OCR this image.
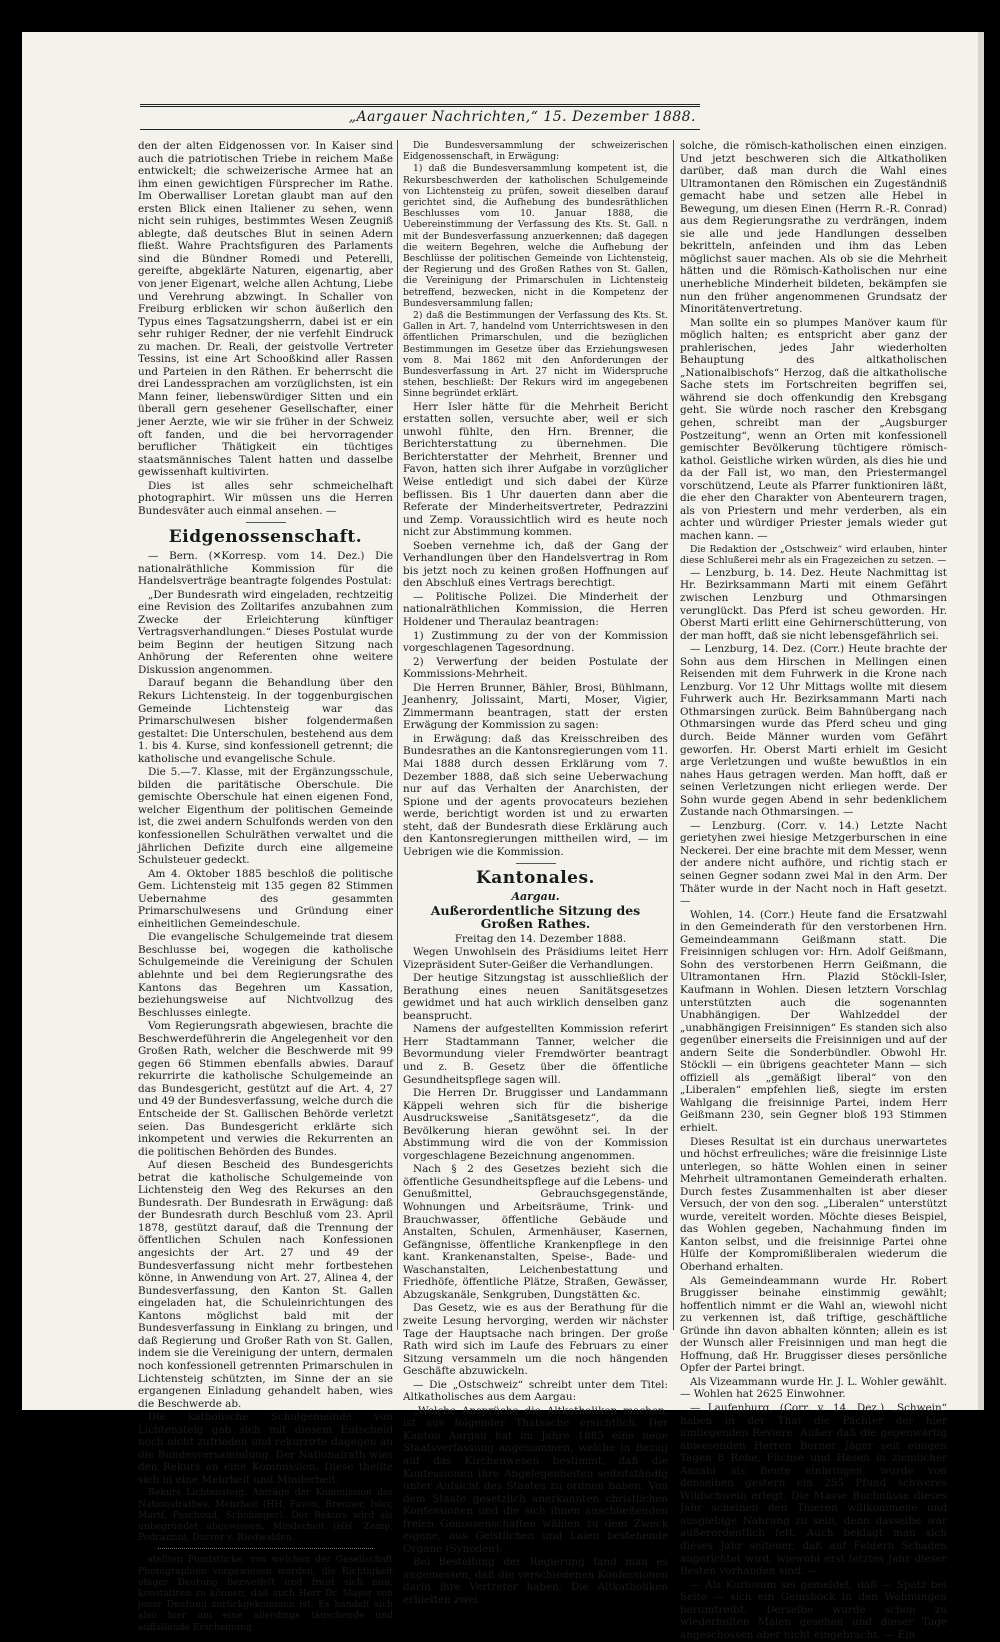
„Aargauer Nachrichten,“ 15. Dezember 1888.

den der alten Eidgenossen vor. In Kaiser sind auch die patriotischen Triebe in reichem Maße entwickelt; die schweizerische Armee hat an ihm einen gewichtigen Fürsprecher im Rathe. Im Oberwalliser Loretan glaubt man auf den ersten Blick einen Italiener zu sehen, wenn nicht sein ruhiges, bestimmtes Wesen Zeugniß ablegte, daß deutsches Blut in seinen Adern fließt. Wahre Prachtsfiguren des Parlaments sind die Bündner Romedi und Peterelli, gereifte, abgeklärte Naturen, eigenartig, aber von jener Eigenart, welche allen Achtung, Liebe und Verehrung abzwingt. In Schaller von Freiburg erblicken wir schon äußerlich den Typus eines Tagsatzungsherrn, dabei ist er ein sehr ruhiger Redner, der nie verfehlt Eindruck zu machen. Dr. Reali, der geistvolle Vertreter Tessins, ist eine Art Schooßkind aller Rassen und Parteien in den Räthen. Er beherrscht die drei Landessprachen am vorzüglichsten, ist ein Mann feiner, liebenswürdiger Sitten und ein überall gern gesehener Gesellschafter, einer jener Aerzte, wie wir sie früher in der Schweiz oft fanden, und die bei hervorragender beruflicher Thätigkeit ein tüchtiges staatsmännisches Talent hatten und dasselbe gewissenhaft kultivirten.

Dies ist alles sehr schmeichelhaft photographirt. Wir müssen uns die Herren Bundesväter auch einmal ansehen. —

Eidgenossenschaft.

— Bern. (✕Korresp. vom 14. Dez.) Die nationalräthliche Kommission für die Handelsverträge beantragte folgendes Postulat:

„Der Bundesrath wird eingeladen, rechtzeitig eine Revision des Zolltarifes anzubahnen zum Zwecke der Erleichterung künftiger Vertragsverhandlungen.“ Dieses Postulat wurde beim Beginn der heutigen Sitzung nach Anhörung der Referenten ohne weitere Diskussion angenommen.

Darauf begann die Behandlung über den Rekurs Lichtensteig. In der toggenburgischen Gemeinde Lichtensteig war das Primarschulwesen bisher folgendermaßen gestaltet: Die Unterschulen, bestehend aus dem 1. bis 4. Kurse, sind konfessionell getrennt; die katholische und evangelische Schule.

Die 5.—7. Klasse, mit der Ergänzungsschule, bilden die paritätische Oberschule. Die gemischte Oberschule hat einen eigenen Fond, welcher Eigenthum der politischen Gemeinde ist, die zwei andern Schulfonds werden von den konfessionellen Schulräthen verwaltet und die jährlichen Defizite durch eine allgemeine Schulsteuer gedeckt.

Am 4. Oktober 1885 beschloß die politische Gem. Lichtensteig mit 135 gegen 82 Stimmen Uebernahme des gesammten Primarschulwesens und Gründung einer einheitlichen Gemeindeschule.

Die evangelische Schulgemeinde trat diesem Beschlusse bei, wogegen die katholische Schulgemeinde die Vereinigung der Schulen ablehnte und bei dem Regierungsrathe des Kantons das Begehren um Kassation, beziehungsweise auf Nichtvollzug des Beschlusses einlegte.

Vom Regierungsrath abgewiesen, brachte die Beschwerdeführerin die Angelegenheit vor den Großen Rath, welcher die Beschwerde mit 99 gegen 66 Stimmen ebenfalls abwies. Darauf rekurrirte die katholische Schulgemeinde an das Bundesgericht, gestützt auf die Art. 4, 27 und 49 der Bundesverfassung, welche durch die Entscheide der St. Gallischen Behörde verletzt seien. Das Bundesgericht erklärte sich inkompetent und verwies die Rekurrenten an die politischen Behörden des Bundes.

Auf diesen Bescheid des Bundesgerichts betrat die katholische Schulgemeinde von Lichtensteig den Weg des Rekurses an den Bundesrath. Der Bundesrath in Erwägung: daß der Bundesrath durch Beschluß vom 23. April 1878, gestützt darauf, daß die Trennung der öffentlichen Schulen nach Konfessionen angesichts der Art. 27 und 49 der Bundesverfassung nicht mehr fortbestehen könne, in Anwendung von Art. 27, Alinea 4, der Bundesverfassung, den Kanton St. Gallen eingeladen hat, die Schuleinrichtungen des Kantons möglichst bald mit der Bundesverfassung in Einklang zu bringen, und daß Regierung und Großer Rath von St. Gallen, indem sie die Vereinigung der untern, dermalen noch konfessionell getrennten Primarschulen in Lichtensteig schützten, im Sinne der an sie ergangenen Einladung gehandelt haben, wies die Beschwerde ab.

Die katholische Schulgemeinde von Lichtensteig gab sich mit diesem Entscheid noch nicht zufrieden und rekurrirte dagegen an die Bundesversammlung. Der Nationalrath wies den Rekurs an eine Kommission. Diese theilte sich in eine Mehrheit und Minderheit.

Rekurs Lichtensteig. Anträge der Kommission des Nationalrathes. Mehrheit (HH. Favon, Brenner, Isler, Marti, Paschoud, Schobinger). Der Rekurs wird als unbegründet abgewiesen. Minderheit (HH. Zemp, Pedrazzini, Durrer v. Riedwalden.

stellten Fundstücke, von welchen der Gesellschaft Photographien vorgewiesen wurden, die Richtigkeit obiger Deutung bezweifelt und frent sich nun, konstatiren zu können, daß auch Herr Dr. Mayer von jener Deutung zurückgekommen ist. Es handelt sich also hier um eine allerdings täuschende und auffallende Erscheinung.

Die Bundesversammlung der schweizerischen Eidgenossenschaft, in Erwägung:

1) daß die Bundesversammlung kompetent ist, die Rekursbeschwerden der katholischen Schulgemeinde von Lichtensteig zu prüfen, soweit dieselben darauf gerichtet sind, die Aufhebung des bundesräthlichen Beschlusses vom 10. Januar 1888, die Uebereinstimmung der Verfassung des Kts. St. Gall. n mit der Bundesverfassung anzuerkennen; daß dagegen die weitern Begehren, welche die Aufhebung der Beschlüsse der politischen Gemeinde von Lichtensteig, der Regierung und des Großen Rathes von St. Gallen, die Vereinigung der Primarschulen in Lichtensteig betreffend, bezwecken, nicht in die Kompetenz der Bundesversammlung fallen;

2) daß die Bestimmungen der Verfassung des Kts. St. Gallen in Art. 7, handelnd vom Unterrichtswesen in den öffentlichen Primarschulen, und die bezüglichen Bestimmungen im Gesetze über das Erziehungswesen vom 8. Mai 1862 mit den Anforderungen der Bundesverfassung in Art. 27 nicht im Widerspruche stehen, beschließt: Der Rekurs wird im angegebenen Sinne begründet erklärt.

Herr Isler hätte für die Mehrheit Bericht erstatten sollen, versuchte aber, weil er sich unwohl fühlte, den Hrn. Brenner, die Berichterstattung zu übernehmen. Die Berichterstatter der Mehrheit, Brenner und Favon, hatten sich ihrer Aufgabe in vorzüglicher Weise entledigt und sich dabei der Kürze beflissen. Bis 1 Uhr dauerten dann aber die Referate der Minderheitsvertreter, Pedrazzini und Zemp. Voraussichtlich wird es heute noch nicht zur Abstimmung kommen.

Soeben vernehme ich, daß der Gang der Verhandlungen über den Handelsvertrag in Rom bis jetzt noch zu keinen großen Hoffnungen auf den Abschluß eines Vertrags berechtigt.

— Politische Polizei. Die Minderheit der nationalräthlichen Kommission, die Herren Holdener und Theraulaz beantragen:

1) Zustimmung zu der von der Kommission vorgeschlagenen Tagesordnung.

2) Verwerfung der beiden Postulate der Kommissions-Mehrheit.

Die Herren Brunner, Bähler, Brosi, Bühlmann, Jeanhenry, Jolissaint, Marti, Moser, Vigier, Zimmermann beantragen, statt der ersten Erwägung der Kommission zu sagen:

in Erwägung: daß das Kreisschreiben des Bundesrathes an die Kantonsregierungen vom 11. Mai 1888 durch dessen Erklärung vom 7. Dezember 1888, daß sich seine Ueberwachung nur auf das Verhalten der Anarchisten, der Spione und der agents provocateurs beziehen werde, berichtigt worden ist und zu erwarten steht, daß der Bundesrath diese Erklärung auch den Kantonsregierungen mittheilen wird, — im Uebrigen wie die Kommission.

Kantonales.
Aargau.
Außerordentliche Sitzung des Großen Rathes.

Freitag den 14. Dezember 1888.

Wegen Unwohlsein des Präsidiums leitet Herr Vizepräsident Suter-Geißer die Verhandlungen.

Der heutige Sitzungstag ist ausschließlich der Berathung eines neuen Sanitätsgesetzes gewidmet und hat auch wirklich denselben ganz beansprucht.

Namens der aufgestellten Kommission referirt Herr Stadtammann Tanner, welcher die Bevormundung vieler Fremdwörter beantragt und z. B. Gesetz über die öffentliche Gesundheitspflege sagen will.

Die Herren Dr. Bruggisser und Landammann Käppeli wehren sich für die bisherige Ausdrucksweise „Sanitätsgesetz“, da die Bevölkerung hieran gewöhnt sei. In der Abstimmung wird die von der Kommission vorgeschlagene Bezeichnung angenommen.

Nach § 2 des Gesetzes bezieht sich die öffentliche Gesundheitspflege auf die Lebens- und Genußmittel, Gebrauchsgegenstände, Wohnungen und Arbeitsräume, Trink- und Brauchwasser, öffentliche Gebäude und Anstalten, Schulen, Armenhäuser, Kasernen, Gefängnisse, öffentliche Krankenpflege in den kant. Krankenanstalten, Speise-, Bade- und Waschanstalten, Leichenbestattung und Friedhöfe, öffentliche Plätze, Straßen, Gewässer, Abzugskanäle, Senkgruben, Dungstätten &c.

Das Gesetz, wie es aus der Berathung für die zweite Lesung hervorging, werden wir nächster Tage der Hauptsache nach bringen. Der große Rath wird sich im Laufe des Februars zu einer Sitzung versammeln um die noch hängenden Geschäfte abzuwickeln.

— Die „Ostschweiz“ schreibt unter dem Titel: Altkatholisches aus dem Aargau:

„Welche Ansprüche die Altkatholiken machen, ist aus folgender Thatsache ersichtlich. Der Kanton Aargau hat im Jahre 1885 eine neue Staatsverfassung angenommen, welche in Bezug auf das Kirchenwesen bestimmt, daß die Konfessionen ihre Angelegenheiten selbstständig unter Aufsicht des Staates zu ordnen haben. Von dem Staate gesetzlich anerkannten christlichen Konfessionen und die sich ihnen anschließenden freien Genossenschaften wählen zu dem Zweck eigene, aus Geistlichen und Laien bestehende Organe (Synoden).

Bei Bestellung der Regierung fand man es angemessen, daß die verschiedenen Konfessionen darin ihre Vertreter haben. Die Altkatholiken erhielten zwei

solche, die römisch-katholischen einen einzigen. Und jetzt beschweren sich die Altkatholiken darüber, daß man durch die Wahl eines Ultramontanen den Römischen ein Zugeständniß gemacht habe und setzen alle Hebel in Bewegung, um diesen Einen (Herrn R.-R. Conrad) aus dem Regierungsrathe zu verdrängen, indem sie alle und jede Handlungen desselben bekritteln, anfeinden und ihm das Leben möglichst sauer machen. Als ob sie die Mehrheit hätten und die Römisch-Katholischen nur eine unerhebliche Minderheit bildeten, bekämpfen sie nun den früher angenommenen Grundsatz der Minoritätenvertretung.

Man sollte ein so plumpes Manöver kaum für möglich halten; es entspricht aber ganz der prahlerischen, jedes Jahr wiederholten Behauptung des altkatholischen „Nationalbischofs“ Herzog, daß die altkatholische Sache stets im Fortschreiten begriffen sei, während sie doch offenkundig den Krebsgang geht. Sie würde noch rascher den Krebsgang gehen, schreibt man der „Augsburger Postzeitung“, wenn an Orten mit konfessionell gemischter Bevölkerung tüchtigere römisch-kathol. Geistliche wirken würden, als dies hie und da der Fall ist, wo man, den Priestermangel vorschützend, Leute als Pfarrer funktioniren läßt, die eher den Charakter von Abenteurern tragen, als von Priestern und mehr verderben, als ein achter und würdiger Priester jemals wieder gut machen kann. —

Die Redaktion der „Ostschweiz“ wird erlauben, hinter diese Schlußerei mehr als ein Fragezeichen zu setzen. —

— Lenzburg, b. 14. Dez. Heute Nachmittag ist Hr. Bezirksammann Marti mit einem Gefährt zwischen Lenzburg und Othmarsingen verunglückt. Das Pferd ist scheu geworden. Hr. Oberst Marti erlitt eine Gehirnerschütterung, von der man hofft, daß sie nicht lebensgefährlich sei.

— Lenzburg, 14. Dez. (Corr.) Heute brachte der Sohn aus dem Hirschen in Mellingen einen Reisenden mit dem Fuhrwerk in die Krone nach Lenzburg. Vor 12 Uhr Mittags wollte mit diesem Fuhrwerk auch Hr. Bezirksammann Marti nach Othmarsingen zurück. Beim Bahnübergang nach Othmarsingen wurde das Pferd scheu und ging durch. Beide Männer wurden vom Gefährt geworfen. Hr. Oberst Marti erhielt im Gesicht arge Verletzungen und wußte bewußtlos in ein nahes Haus getragen werden. Man hofft, daß er seinen Verletzungen nicht erliegen werde. Der Sohn wurde gegen Abend in sehr bedenklichem Zustande nach Othmarsingen. —

— Lenzburg. (Corr. v. 14.) Letzte Nacht gerietyhen zwei hiesige Metzgerburschen in eine Neckerei. Der eine brachte mit dem Messer, wenn der andere nicht aufhöre, und richtig stach er seinen Gegner sodann zwei Mal in den Arm. Der Thäter wurde in der Nacht noch in Haft gesetzt. —

Wohlen, 14. (Corr.) Heute fand die Ersatzwahl in den Gemeinderath für den verstorbenen Hrn. Gemeindeammann Geißmann statt. Die Freisinnigen schlugen vor: Hrn. Adolf Geißmann, Sohn des verstorbenen Herrn Geißmann, die Ultramontanen Hrn. Plazid Stöckli-Isler, Kaufmann in Wohlen. Diesen letztern Vorschlag unterstützten auch die sogenannten Unabhängigen. Der Wahlzeddel der „unabhängigen Freisinnigen“ Es standen sich also gegenüber einerseits die Freisinnigen und auf der andern Seite die Sonderbündler. Obwohl Hr. Stöckli — ein übrigens geachteter Mann — sich offiziell als „gemäßigt liberal“ von den „Liberalen“ empfehlen ließ, siegte im ersten Wahlgang die freisinnige Partei, indem Herr Geißmann 230, sein Gegner bloß 193 Stimmen erhielt.

Dieses Resultat ist ein durchaus unerwartetes und höchst erfreuliches; wäre die freisinnige Liste unterlegen, so hätte Wohlen einen in seiner Mehrheit ultramontanen Gemeinderath erhalten. Durch festes Zusammenhalten ist aber dieser Versuch, der von den sog. „Liberalen“ unterstützt wurde, vereitelt worden. Möchte dieses Beispiel, das Wohlen gegeben, Nachahmung finden im Kanton selbst, und die freisinnige Partei ohne Hülfe der Kompromißliberalen wiederum die Oberhand erhalten.

Als Gemeindeammann wurde Hr. Robert Bruggisser beinahe einstimmig gewählt; hoffentlich nimmt er die Wahl an, wiewohl nicht zu verkennen ist, daß triftige, geschäftliche Gründe ihn davon abhalten könnten; allein es ist der Wunsch aller Freisinnigen und man hegt die Hoffnung, daß Hr. Bruggisser dieses persönliche Opfer der Partei bringt.

Als Vizeammann wurde Hr. J. L. Wohler gewählt. — Wohlen hat 2625 Einwohner.

— Laufenburg, (Corr. v. 14. Dez.) „Schwein“ haben in der That die Pächter der hier umliegenden Reviere. Außer daß die gegenwärtig anwesenden Herren Berner Jäger seit einigen Tagen 8 Rehe, Füchse und Hasen in ziemlicher Anzahl als Beute einbringen, wurde von denselben gestern ein 255 Pfund schweres Wildschwein erlegt. Die Masse Buchnüsse dieses Jahr scheinen den Thieren willkommene und ausgiebige Nahrung zu sein, denn dasselbe war außerordentlich fett. Auch beklagt man sich dieses Jahr seltener, daß auf Feldern Schaden angerichtet wird, wiewohl erst letztes Jahr dieser Besten vorhanden sind. —

— Als Kuriosum sei gemeldet, daß — Spatz bei Seite — sich ein Gemsbock in den Wohnungen herumtreibt. Derselbe wurde schon zu wiederholten Malen gesehen und dieser Tage angeschossen aber nicht eingebracht. — Ein
